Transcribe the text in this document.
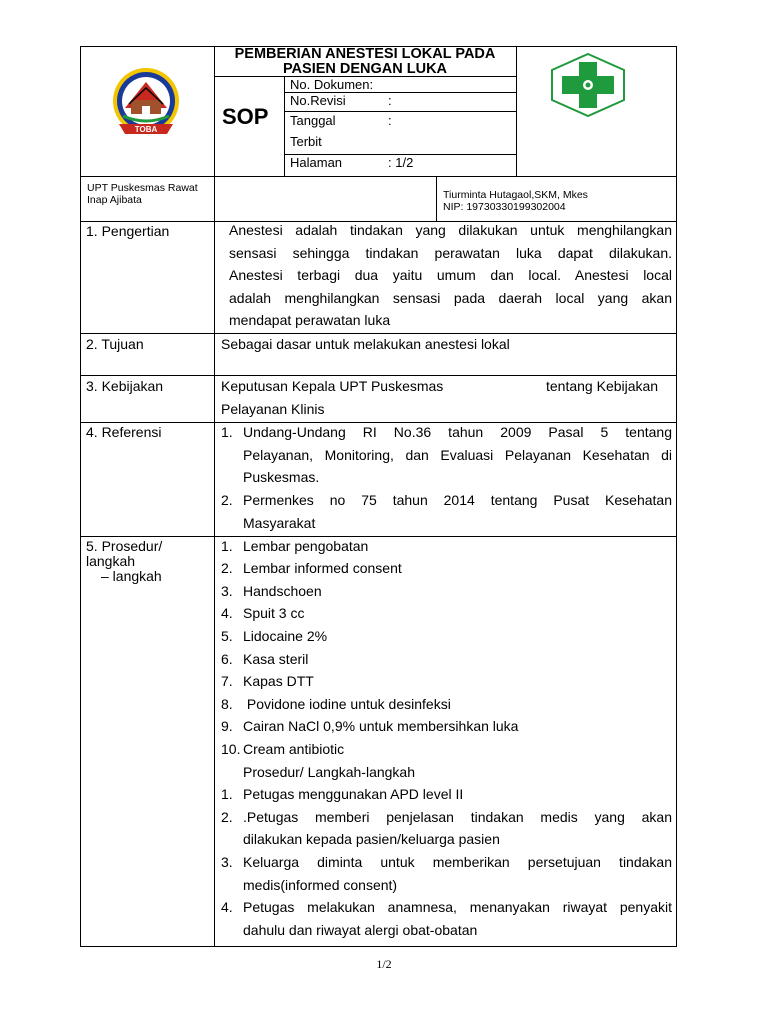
TOBA
PEMBERIAN ANESTESI LOKAL PADA PASIEN DENGAN LUKA
SOP
No. Dokumen:
No.Revisi	:
Tanggal	:
Terbit
Halaman	: 1/2
UPT Puskesmas Rawat Inap Ajibata	Tiurminta Hutagaol,SKM, Mkes
NIP: 19730330199302004
1. Pengertian	Anestesi adalah tindakan yang dilakukan untuk menghilangkan
sensasi sehingga tindakan perawatan luka dapat dilakukan.
Anestesi terbagi dua yaitu umum dan local. Anestesi local
adalah menghilangkan sensasi pada daerah local yang akan
mendapat perawatan luka
2. Tujuan	Sebagai dasar untuk melakukan anestesi lokal
3. Kebijakan	Keputusan Kepala UPT Puskesmas	tentang Kebijakan
Pelayanan Klinis
4. Referensi	1. Undang-Undang RI No.36 tahun 2009 Pasal 5 tentang
Pelayanan, Monitoring, dan Evaluasi Pelayanan Kesehatan di
Puskesmas.
2. Permenkes no 75 tahun 2014 tentang Pusat Kesehatan
Masyarakat
5. Prosedur/
langkah
– langkah
1. Lembar pengobatan
2. Lembar informed consent
3. Handschoen
4. Spuit 3 cc
5. Lidocaine 2%
6. Kasa steril
7. Kapas DTT
8. Povidone iodine untuk desinfeksi
9. Cairan NaCl 0,9% untuk membersihkan luka
10. Cream antibiotic
Prosedur/ Langkah-langkah
1. Petugas menggunakan APD level II
2. .Petugas memberi penjelasan tindakan medis yang akan
dilakukan kepada pasien/keluarga pasien
3. Keluarga diminta untuk memberikan persetujuan tindakan
medis(informed consent)
4. Petugas melakukan anamnesa, menanyakan riwayat penyakit
dahulu dan riwayat alergi obat-obatan
1/2
